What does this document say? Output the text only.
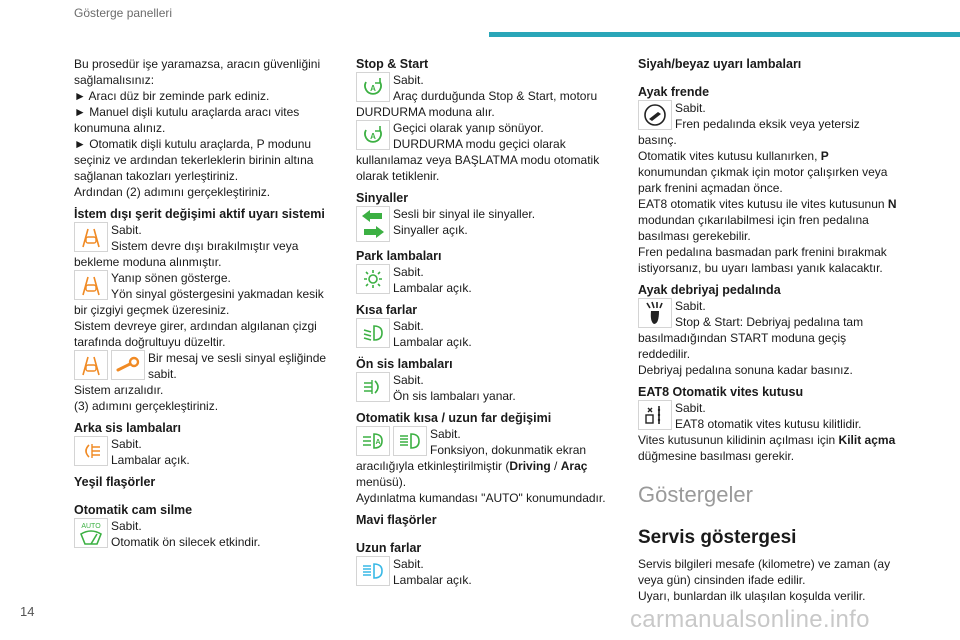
Gösterge panelleri

Bu prosedür işe yaramazsa, aracın güvenliğini sağlamalısınız:

► Aracı düz bir zeminde park ediniz.

► Manuel dişli kutulu araçlarda aracı vites konumuna alınız.

► Otomatik dişli kutulu araçlarda, P modunu seçiniz ve ardından tekerleklerin birinin altına sağlanan takozları yerleştiriniz.

Ardından (2) adımını gerçekleştiriniz.

İstem dışı şerit değişimi aktif uyarı sistemi

Sabit.

Sistem devre dışı bırakılmıştır veya bekleme moduna alınmıştır.

Yanıp sönen gösterge.

Yön sinyal göstergesini yakmadan kesik bir çizgiyi geçmek üzeresiniz.

Sistem devreye girer, ardından algılanan çizgi tarafında doğrultuyu düzeltir.

Bir mesaj ve sesli sinyal eşliğinde sabit.

Sistem arızalıdır.

(3) adımını gerçekleştiriniz.

Arka sis lambaları

Sabit.

Lambalar açık.

Yeşil flaşörler
Otomatik cam silme
AUTO Sabit.

Otomatik ön silecek etkindir.

Stop & Start
A

Sabit.

Araç durduğunda Stop & Start, motoru DURDURMA moduna alır.

A

Geçici olarak yanıp sönüyor.

DURDURMA modu geçici olarak kullanılamaz veya BAŞLATMA modu otomatik olarak tetiklenir.

Sinyaller

Sesli bir sinyal ile sinyaller.

Sinyaller açık.

Park lambaları

Sabit.

Lambalar açık.

Kısa farlar

Sabit.

Lambalar açık.

Ön sis lambaları

Sabit.

Ön sis lambaları yanar.

Otomatik kısa / uzun far değişimi
A

Sabit.

Fonksiyon, dokunmatik ekran aracılığıyla etkinleştirilmiştir (Driving / Araç menüsü).

Aydınlatma kumandası "AUTO" konumundadır.

Mavi flaşörler
Uzun farlar

Sabit.

Lambalar açık.

Siyah/beyaz uyarı lambaları
Ayak frende

Sabit.

Fren pedalında eksik veya yetersiz basınç.

Otomatik vites kutusu kullanırken, P konumundan çıkmak için motor çalışırken veya park frenini açmadan önce.

EAT8 otomatik vites kutusu ile vites kutusunun N modundan çıkarılabilmesi için fren pedalına basılması gerekebilir.

Fren pedalına basmadan park frenini bırakmak istiyorsanız, bu uyarı lambası yanık kalacaktır.

Ayak debriyaj pedalında

Sabit.

Stop & Start: Debriyaj pedalına tam basılmadığından START moduna geçiş reddedilir.

Debriyaj pedalına sonuna kadar basınız.

EAT8 Otomatik vites kutusu

Sabit.

EAT8 otomatik vites kutusu kilitlidir.

Vites kutusunun kilidinin açılması için Kilit açma düğmesine basılması gerekir.

Göstergeler

Servis göstergesi

Servis bilgileri mesafe (kilometre) ve zaman (ay veya gün) cinsinden ifade edilir.

Uyarı, bunlardan ilk ulaşılan koşulda verilir.

14	carmanualsonline.info
